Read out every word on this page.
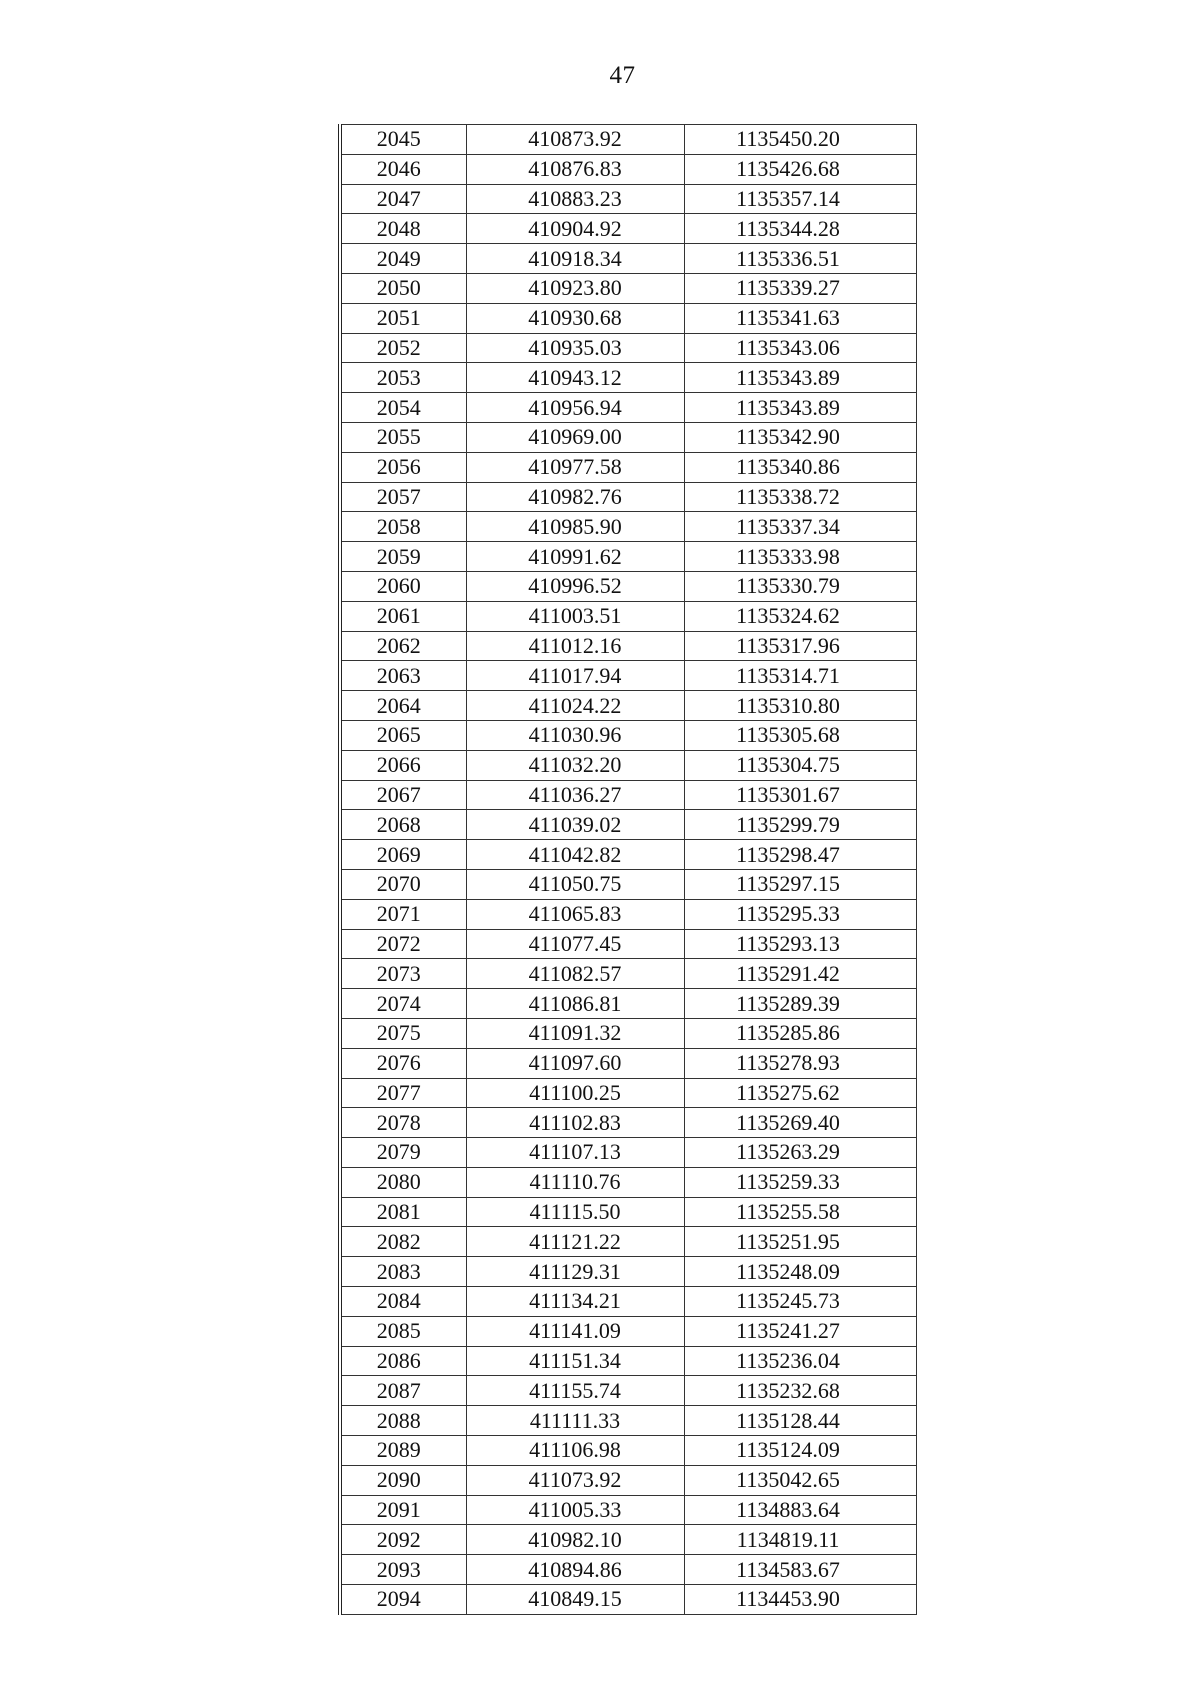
47
2045	410873.92	1135450.20
2046	410876.83	1135426.68
2047	410883.23	1135357.14
2048	410904.92	1135344.28
2049	410918.34	1135336.51
2050	410923.80	1135339.27
2051	410930.68	1135341.63
2052	410935.03	1135343.06
2053	410943.12	1135343.89
2054	410956.94	1135343.89
2055	410969.00	1135342.90
2056	410977.58	1135340.86
2057	410982.76	1135338.72
2058	410985.90	1135337.34
2059	410991.62	1135333.98
2060	410996.52	1135330.79
2061	411003.51	1135324.62
2062	411012.16	1135317.96
2063	411017.94	1135314.71
2064	411024.22	1135310.80
2065	411030.96	1135305.68
2066	411032.20	1135304.75
2067	411036.27	1135301.67
2068	411039.02	1135299.79
2069	411042.82	1135298.47
2070	411050.75	1135297.15
2071	411065.83	1135295.33
2072	411077.45	1135293.13
2073	411082.57	1135291.42
2074	411086.81	1135289.39
2075	411091.32	1135285.86
2076	411097.60	1135278.93
2077	411100.25	1135275.62
2078	411102.83	1135269.40
2079	411107.13	1135263.29
2080	411110.76	1135259.33
2081	411115.50	1135255.58
2082	411121.22	1135251.95
2083	411129.31	1135248.09
2084	411134.21	1135245.73
2085	411141.09	1135241.27
2086	411151.34	1135236.04
2087	411155.74	1135232.68
2088	411111.33	1135128.44
2089	411106.98	1135124.09
2090	411073.92	1135042.65
2091	411005.33	1134883.64
2092	410982.10	1134819.11
2093	410894.86	1134583.67
2094	410849.15	1134453.90
